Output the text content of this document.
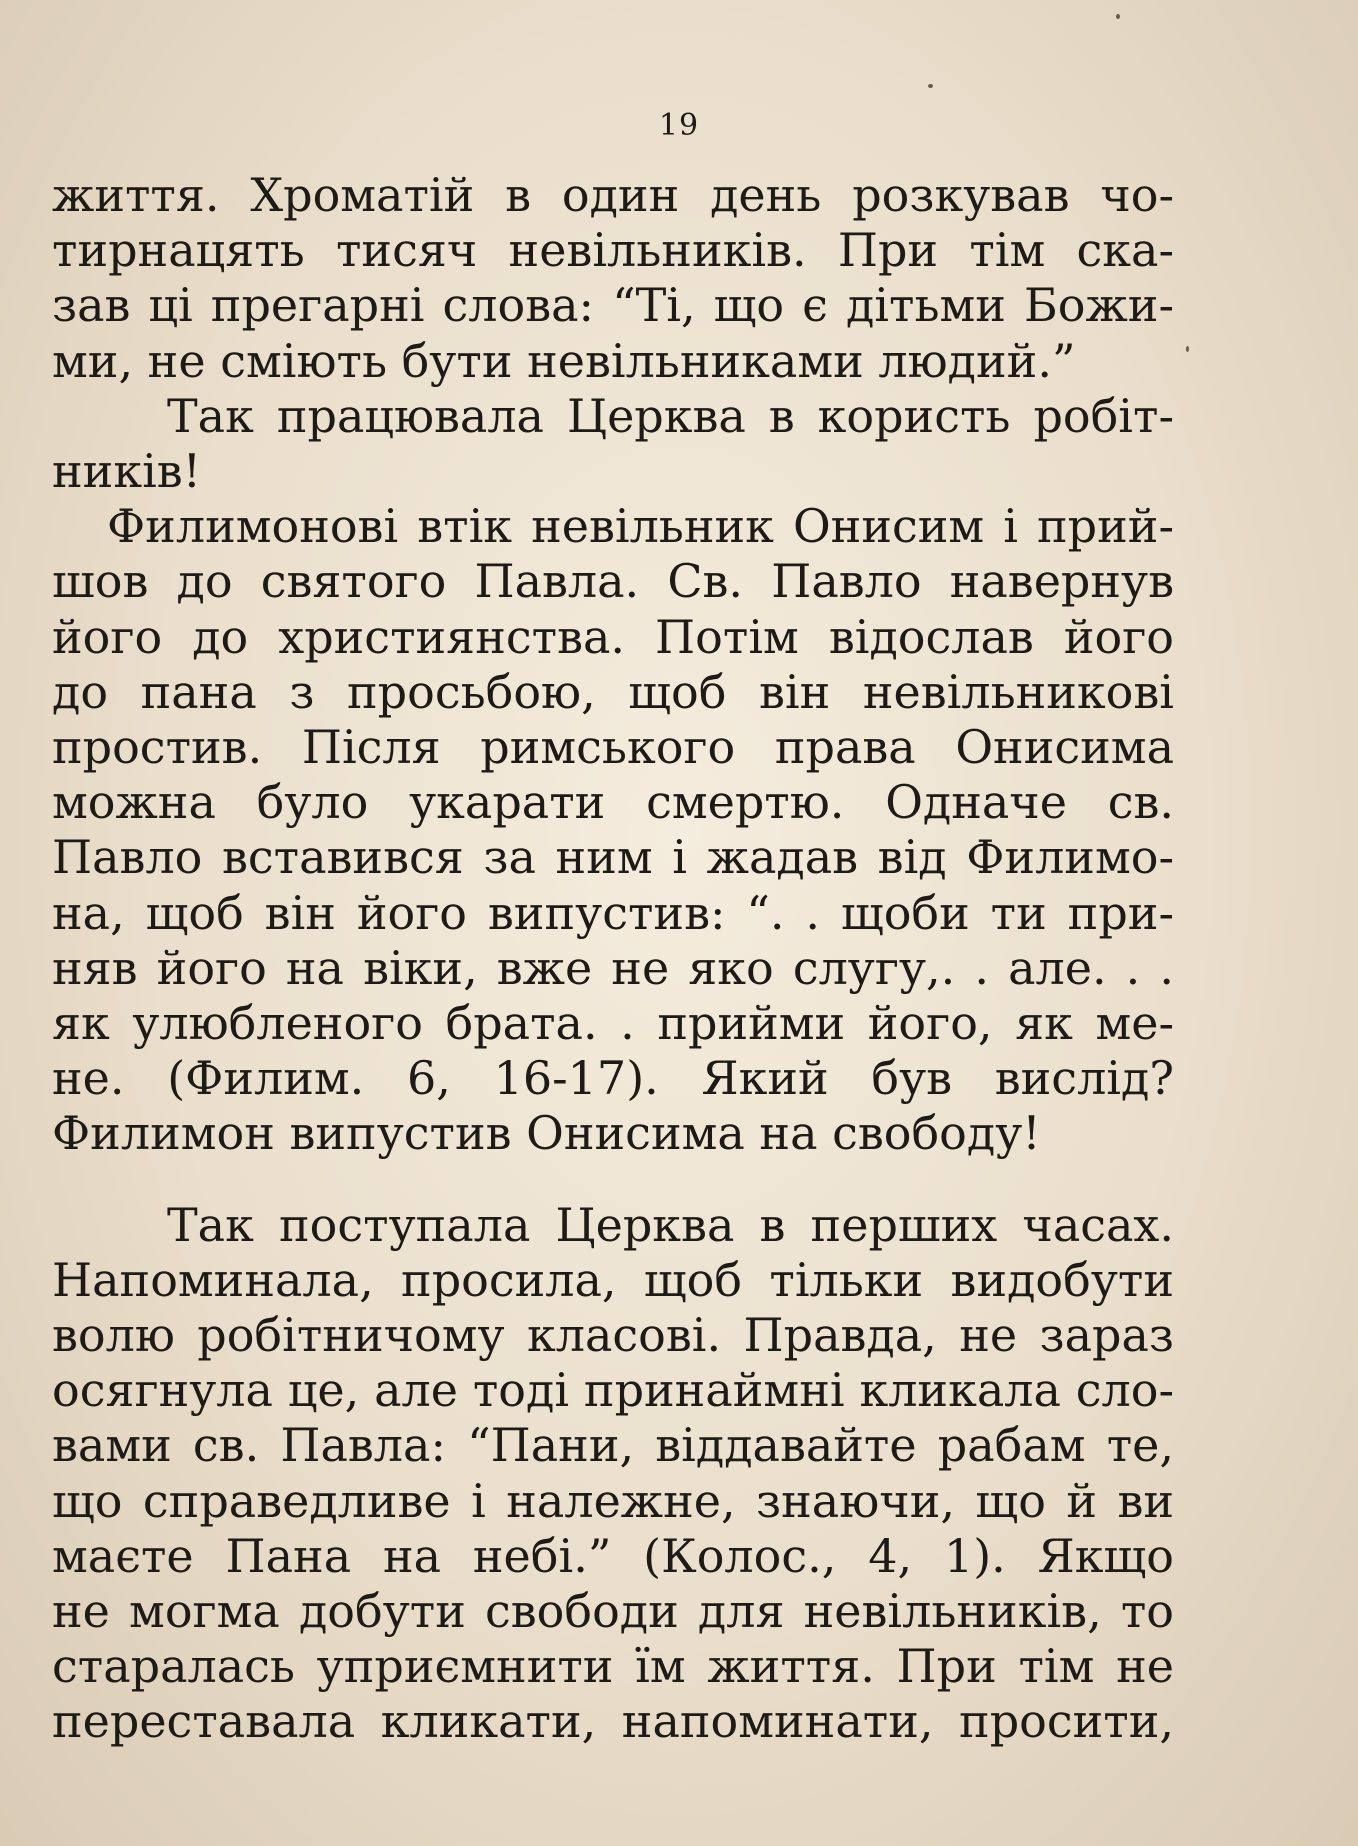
19

життя. Хроматій в один день розкував чо-
тирнацять тисяч невільників. При тім ска-
зав ці прегарні слова: “Ті, що є дітьми Божи-
ми, не сміють бути невільниками людий.”

Так працювала Церква в користь робіт-
ників!

Филимонові втік невільник Онисим і прий-
шов до святого Павла. Св. Павло навернув
його до християнства. Потім відослав його
до пана з просьбою, щоб він невільникові
простив. Після римського права Онисима
можна було укарати смертю. Одначе св.
Павло вставився за ним і жадав від Филимо-
на, щоб він його випустив: “. . щоби ти при-
няв його на віки, вже не яко слугу,. . але. . .
як улюбленого брата. . прийми його, як ме-
не. (Филим. 6, 16-17). Який був вислід?
Филимон випустив Онисима на свободу!

Так поступала Церква в перших часах.
Напоминала, просила, щоб тільки видобути
волю робітничому класові. Правда, не зараз
осягнула це, але тоді принаймні кликала сло-
вами св. Павла: “Пани, віддавайте рабам те,
що справедливе і належне, знаючи, що й ви
маєте Пана на небі.” (Колос., 4, 1). Якщо
не могма добути свободи для невільників, то
старалась уприємнити їм життя. При тім не
переставала кликати, напоминати, просити,
